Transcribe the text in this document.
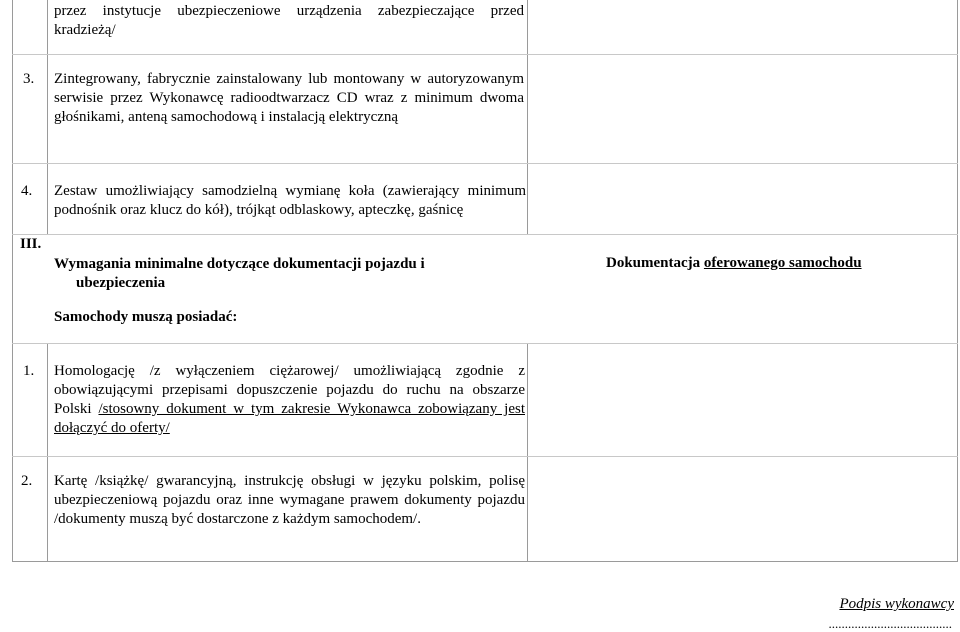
przez instytucje ubezpieczeniowe urządzenia zabezpieczające przed kradzieżą/
3. Zintegrowany, fabrycznie zainstalowany lub montowany w autoryzowanym serwisie przez Wykonawcę radioodtwarzacz CD wraz z minimum dwoma głośnikami, anteną samochodową i instalacją elektryczną
4. Zestaw umożliwiający samodzielną wymianę koła (zawierający minimum podnośnik oraz klucz do kół), trójkąt odblaskowy, apteczkę, gaśnicę
III.
Wymagania minimalne dotyczące dokumentacji pojazdu i ubezpieczenia
Dokumentacja oferowanego samochodu
Samochody muszą posiadać:
1. Homologację /z wyłączeniem ciężarowej/ umożliwiającą zgodnie z obowiązującymi przepisami dopuszczenie pojazdu do ruchu na obszarze Polski /stosowny dokument w tym zakresie Wykonawca zobowiązany jest dołączyć do oferty/
2. Kartę /książkę/ gwarancyjną, instrukcję obsługi w języku polskim, polisę ubezpieczeniową pojazdu oraz inne wymagane prawem dokumenty pojazdu /dokumenty muszą być dostarczone z każdym samochodem/.
Podpis wykonawcy
......................................
